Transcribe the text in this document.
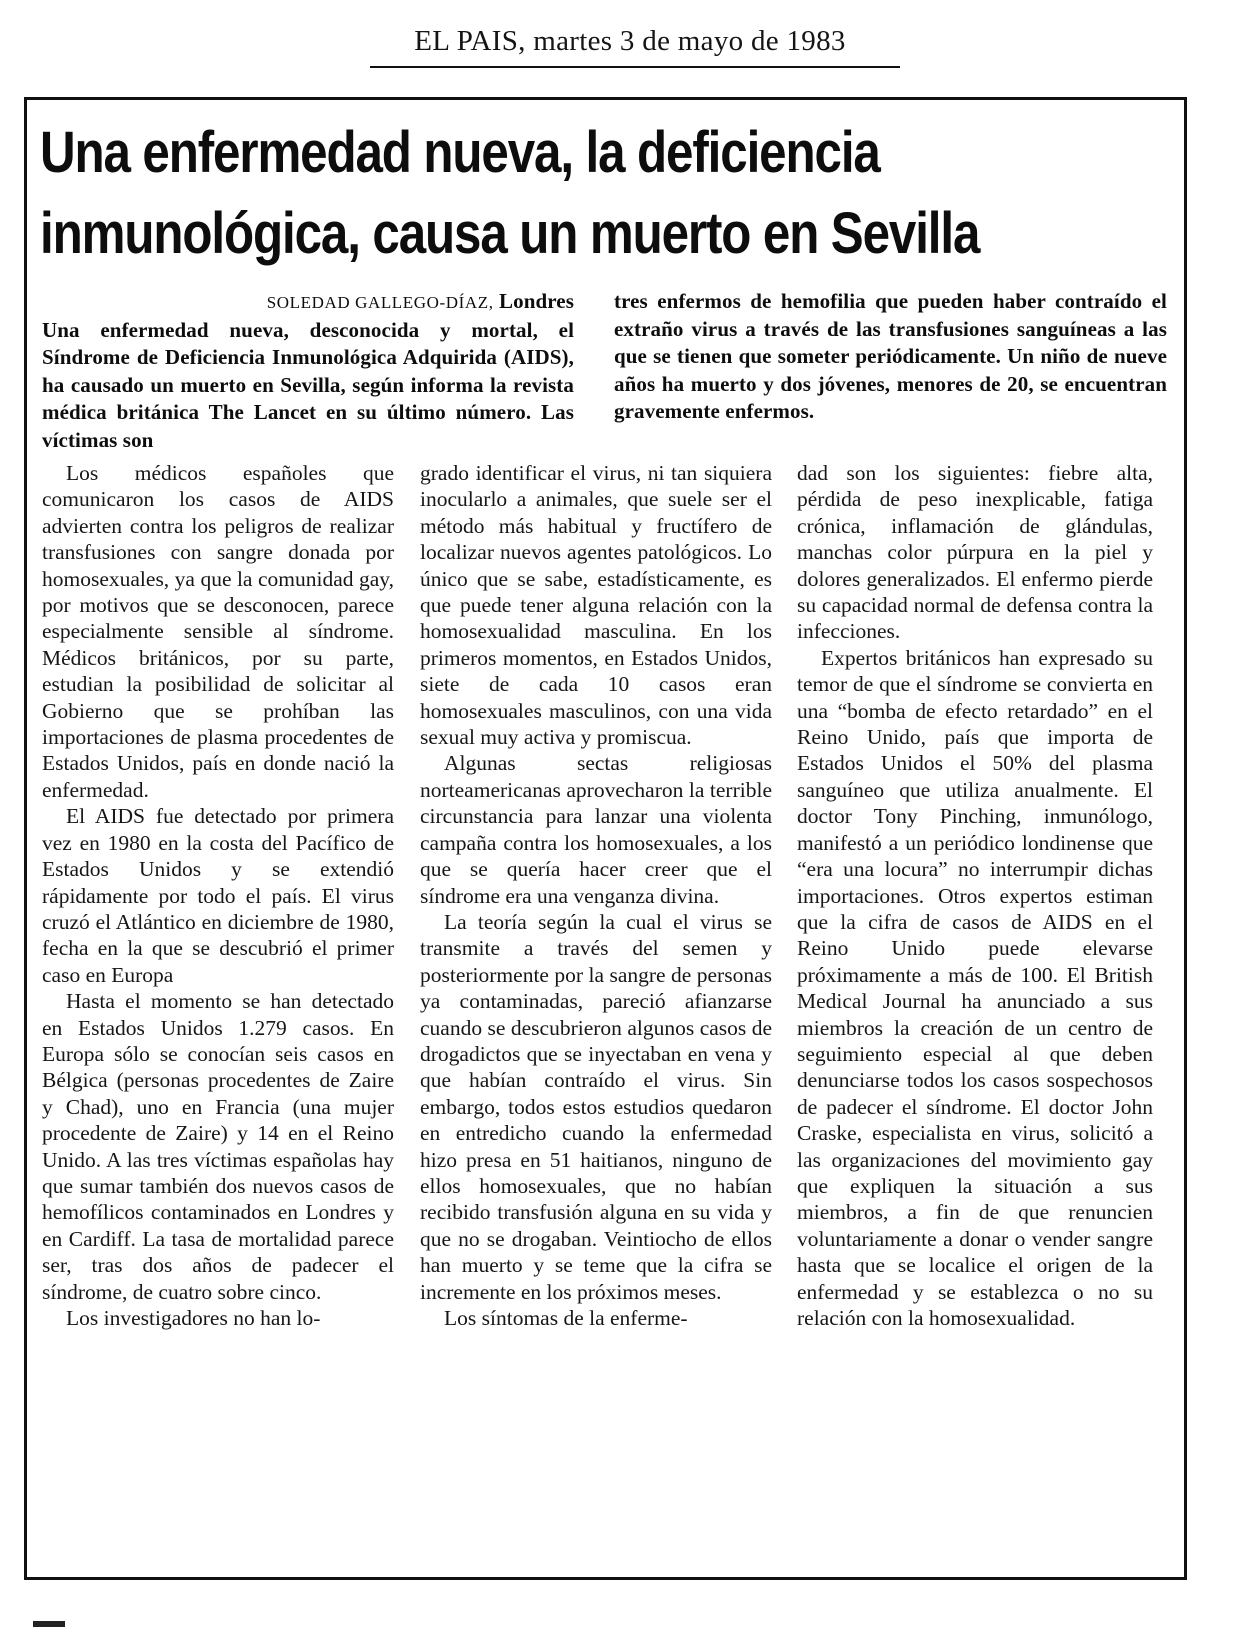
EL PAIS, martes 3 de mayo de 1983
Una enfermedad nueva, la deficiencia
inmunológica, causa un muerto en Sevilla
SOLEDAD GALLEGO-DÍAZ, Londres

Una enfermedad nueva, desconocida y mortal, el Síndrome de Deficiencia Inmunológica Adquirida (AIDS), ha causado un muerto en Sevilla, según informa la revista médica británica The Lancet en su último número. Las víctimas son

tres enfermos de hemofilia que pueden haber contraído el extraño virus a través de las transfusiones sanguíneas a las que se tienen que someter periódicamente. Un niño de nueve años ha muerto y dos jóvenes, menores de 20, se encuentran gravemente enfermos.

Los médicos españoles que comunicaron los casos de AIDS advierten contra los peligros de realizar transfusiones con sangre donada por homosexuales, ya que la comunidad gay, por motivos que se desconocen, parece especialmente sensible al síndrome. Médicos británicos, por su parte, estudian la posibilidad de solicitar al Gobierno que se prohíban las importaciones de plasma procedentes de Estados Unidos, país en donde nació la enfermedad.

El AIDS fue detectado por primera vez en 1980 en la costa del Pacífico de Estados Unidos y se extendió rápidamente por todo el país. El virus cruzó el Atlántico en diciembre de 1980, fecha en la que se descubrió el primer caso en Europa

Hasta el momento se han detectado en Estados Unidos 1.279 casos. En Europa sólo se conocían seis casos en Bélgica (personas procedentes de Zaire y Chad), uno en Francia (una mujer procedente de Zaire) y 14 en el Reino Unido. A las tres víctimas españolas hay que sumar también dos nuevos casos de hemofílicos contaminados en Londres y en Cardiff. La tasa de mortalidad parece ser, tras dos años de padecer el síndrome, de cuatro sobre cinco.

Los investigadores no han lo-

grado identificar el virus, ni tan siquiera inocularlo a animales, que suele ser el método más habitual y fructífero de localizar nuevos agentes patológicos. Lo único que se sabe, estadísticamente, es que puede tener alguna relación con la homosexualidad masculina. En los primeros momentos, en Estados Unidos, siete de cada 10 casos eran homosexuales masculinos, con una vida sexual muy activa y promiscua.

Algunas sectas religiosas norteamericanas aprovecharon la terrible circunstancia para lanzar una violenta campaña contra los homosexuales, a los que se quería hacer creer que el síndrome era una venganza divina.

La teoría según la cual el virus se transmite a través del semen y posteriormente por la sangre de personas ya contaminadas, pareció afianzarse cuando se descubrieron algunos casos de drogadictos que se inyectaban en vena y que habían contraído el virus. Sin embargo, todos estos estudios quedaron en entredicho cuando la enfermedad hizo presa en 51 haitianos, ninguno de ellos homosexuales, que no habían recibido transfusión alguna en su vida y que no se drogaban. Veintiocho de ellos han muerto y se teme que la cifra se incremente en los próximos meses.

Los síntomas de la enferme-

dad son los siguientes: fiebre alta, pérdida de peso inexplicable, fatiga crónica, inflamación de glándulas, manchas color púrpura en la piel y dolores generalizados. El enfermo pierde su capacidad normal de defensa contra la infecciones.

Expertos británicos han expresado su temor de que el síndrome se convierta en una “bomba de efecto retardado” en el Reino Unido, país que importa de Estados Unidos el 50% del plasma sanguíneo que utiliza anualmente. El doctor Tony Pinching, inmunólogo, manifestó a un periódico londinense que “era una locura” no interrumpir dichas importaciones. Otros expertos estiman que la cifra de casos de AIDS en el Reino Unido puede elevarse próximamente a más de 100. El British Medical Journal ha anunciado a sus miembros la creación de un centro de seguimiento especial al que deben denunciarse todos los casos sospechosos de padecer el síndrome. El doctor John Craske, especialista en virus, solicitó a las organizaciones del movimiento gay que expliquen la situación a sus miembros, a fin de que renuncien voluntariamente a donar o vender sangre hasta que se localice el origen de la enfermedad y se establezca o no su relación con la homosexualidad.
